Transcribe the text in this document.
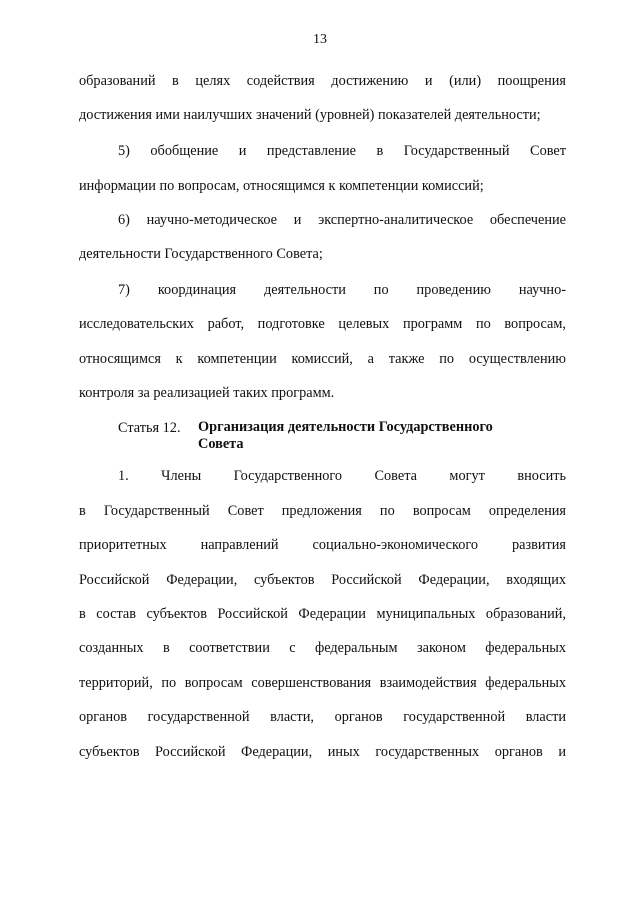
13
образований в целях содействия достижению и (или) поощрения
достижения ими наилучших значений (уровней) показателей деятельности;
5) обобщение и представление в Государственный Совет
информации по вопросам, относящимся к компетенции комиссий;
6) научно-методическое и экспертно-аналитическое обеспечение
деятельности Государственного Совета;
7) координация деятельности по проведению научно-
исследовательских работ, подготовке целевых программ по вопросам,
относящимся к компетенции комиссий, а также по осуществлению
контроля за реализацией таких программ.
Статья 12. Организация деятельности Государственного Совета
1. Члены Государственного Совета могут вносить
в Государственный Совет предложения по вопросам определения
приоритетных направлений социально-экономического развития
Российской Федерации, субъектов Российской Федерации, входящих
в состав субъектов Российской Федерации муниципальных образований,
созданных в соответствии с федеральным законом федеральных
территорий, по вопросам совершенствования взаимодействия федеральных
органов государственной власти, органов государственной власти
субъектов Российской Федерации, иных государственных органов и
